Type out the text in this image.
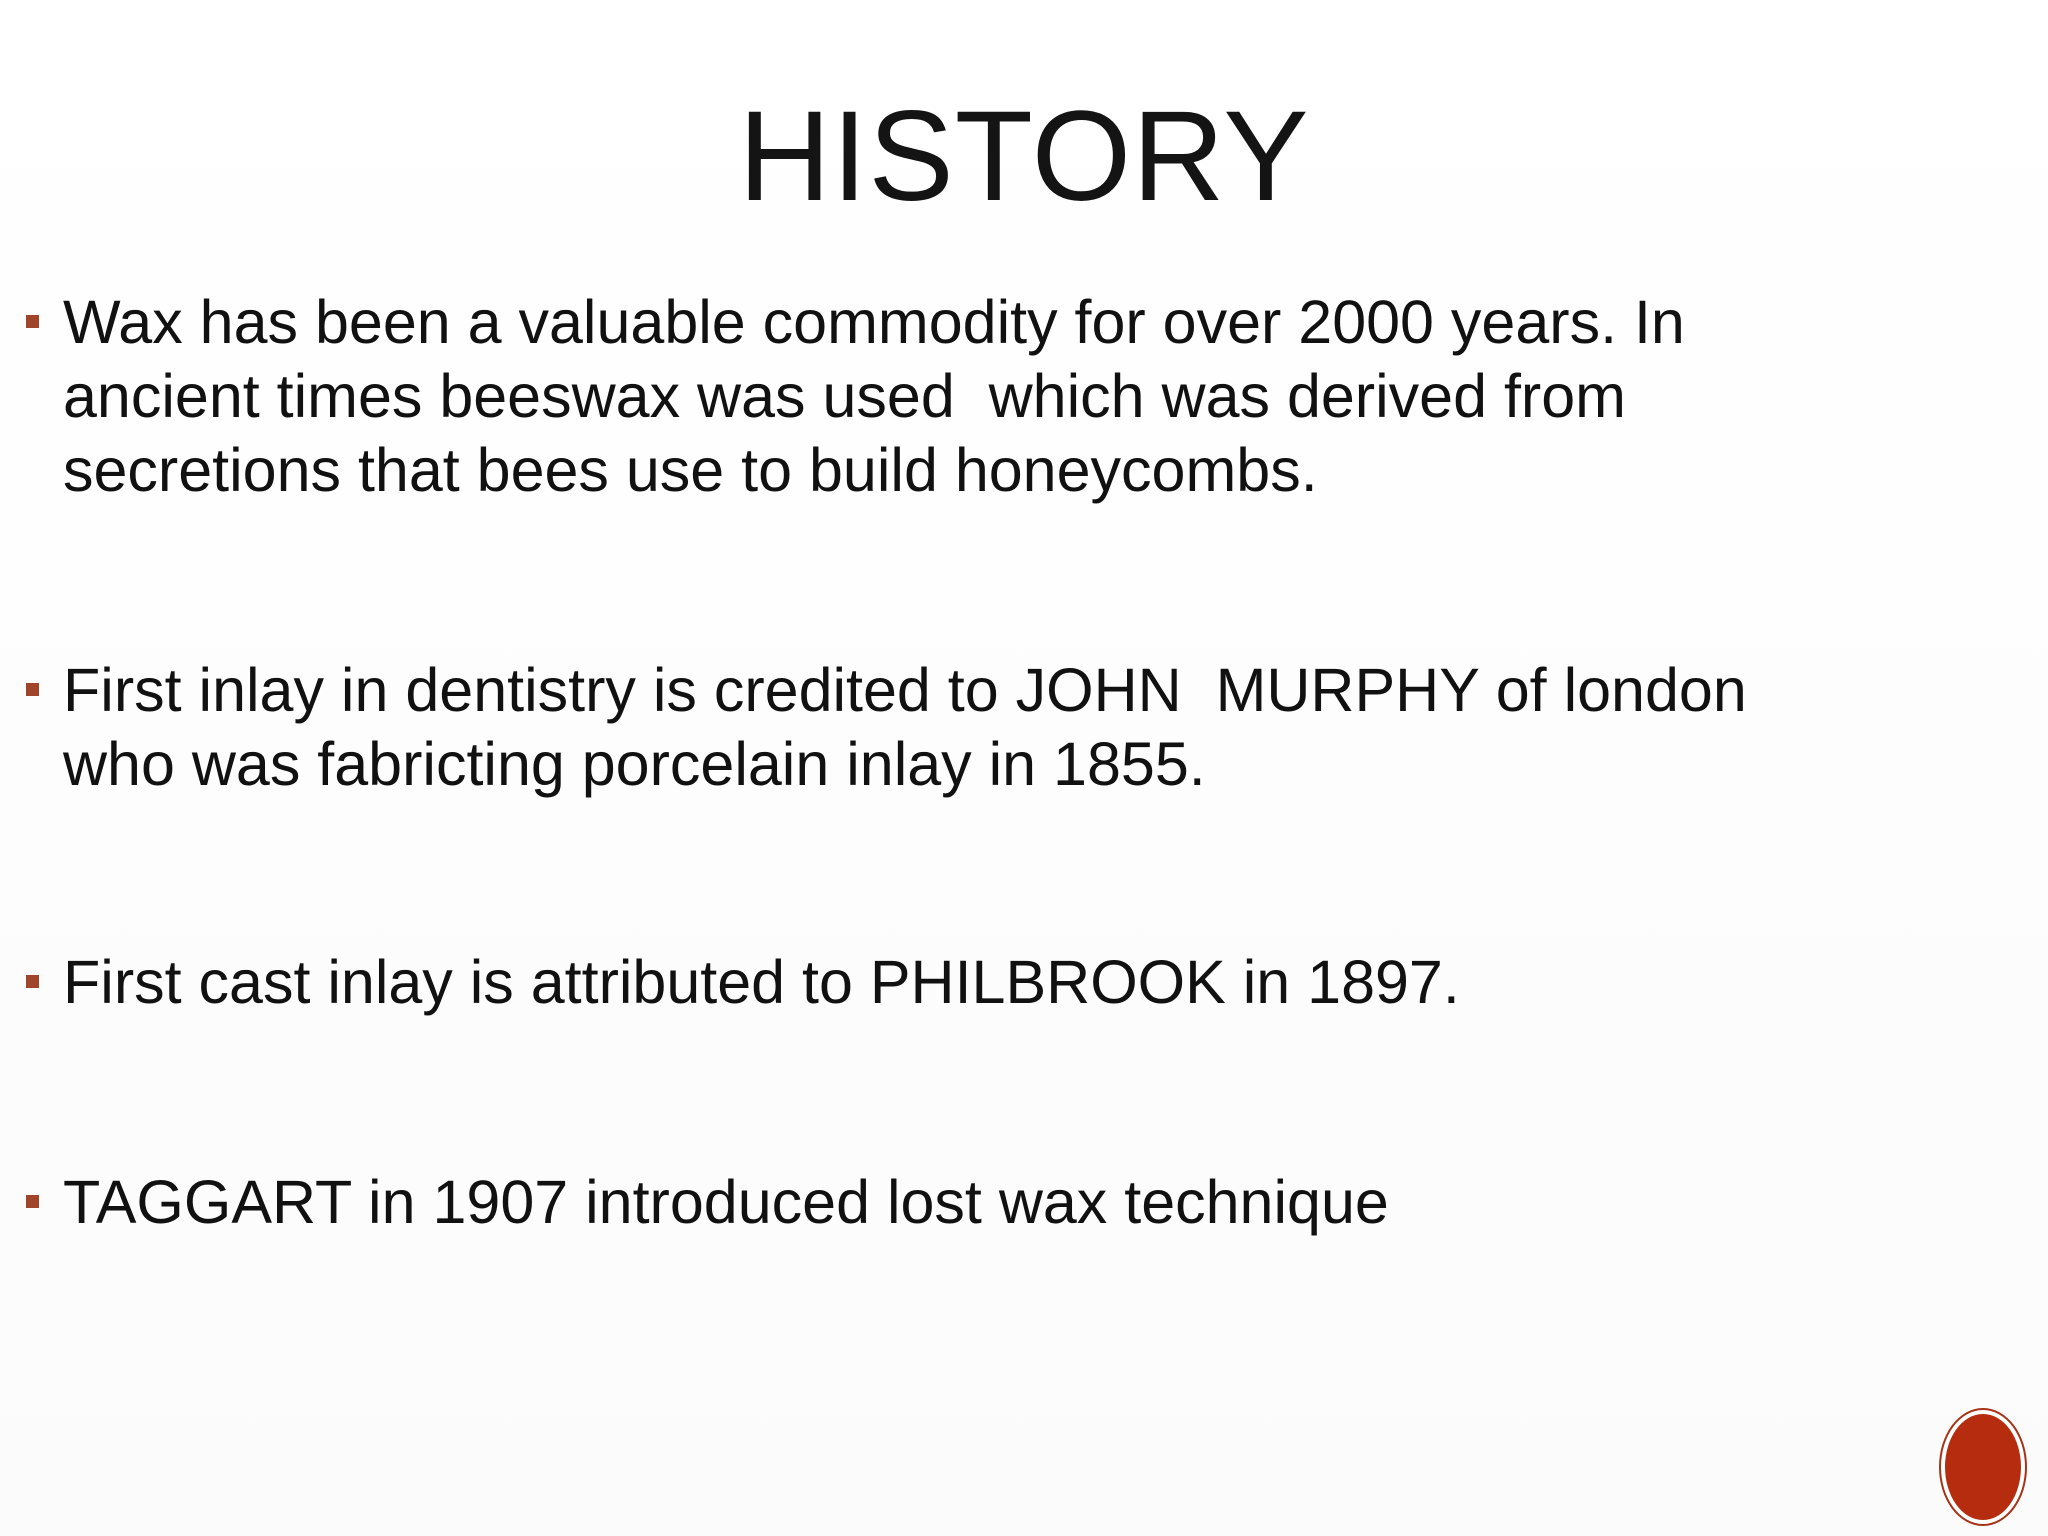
HISTORY
Wax has been a valuable commodity for over 2000 years. In
ancient times beeswax was used  which was derived from
secretions that bees use to build honeycombs.
First inlay in dentistry is credited to JOHN  MURPHY of london
who was fabricting porcelain inlay in 1855.
First cast inlay is attributed to PHILBROOK in 1897.
TAGGART in 1907 introduced lost wax technique
